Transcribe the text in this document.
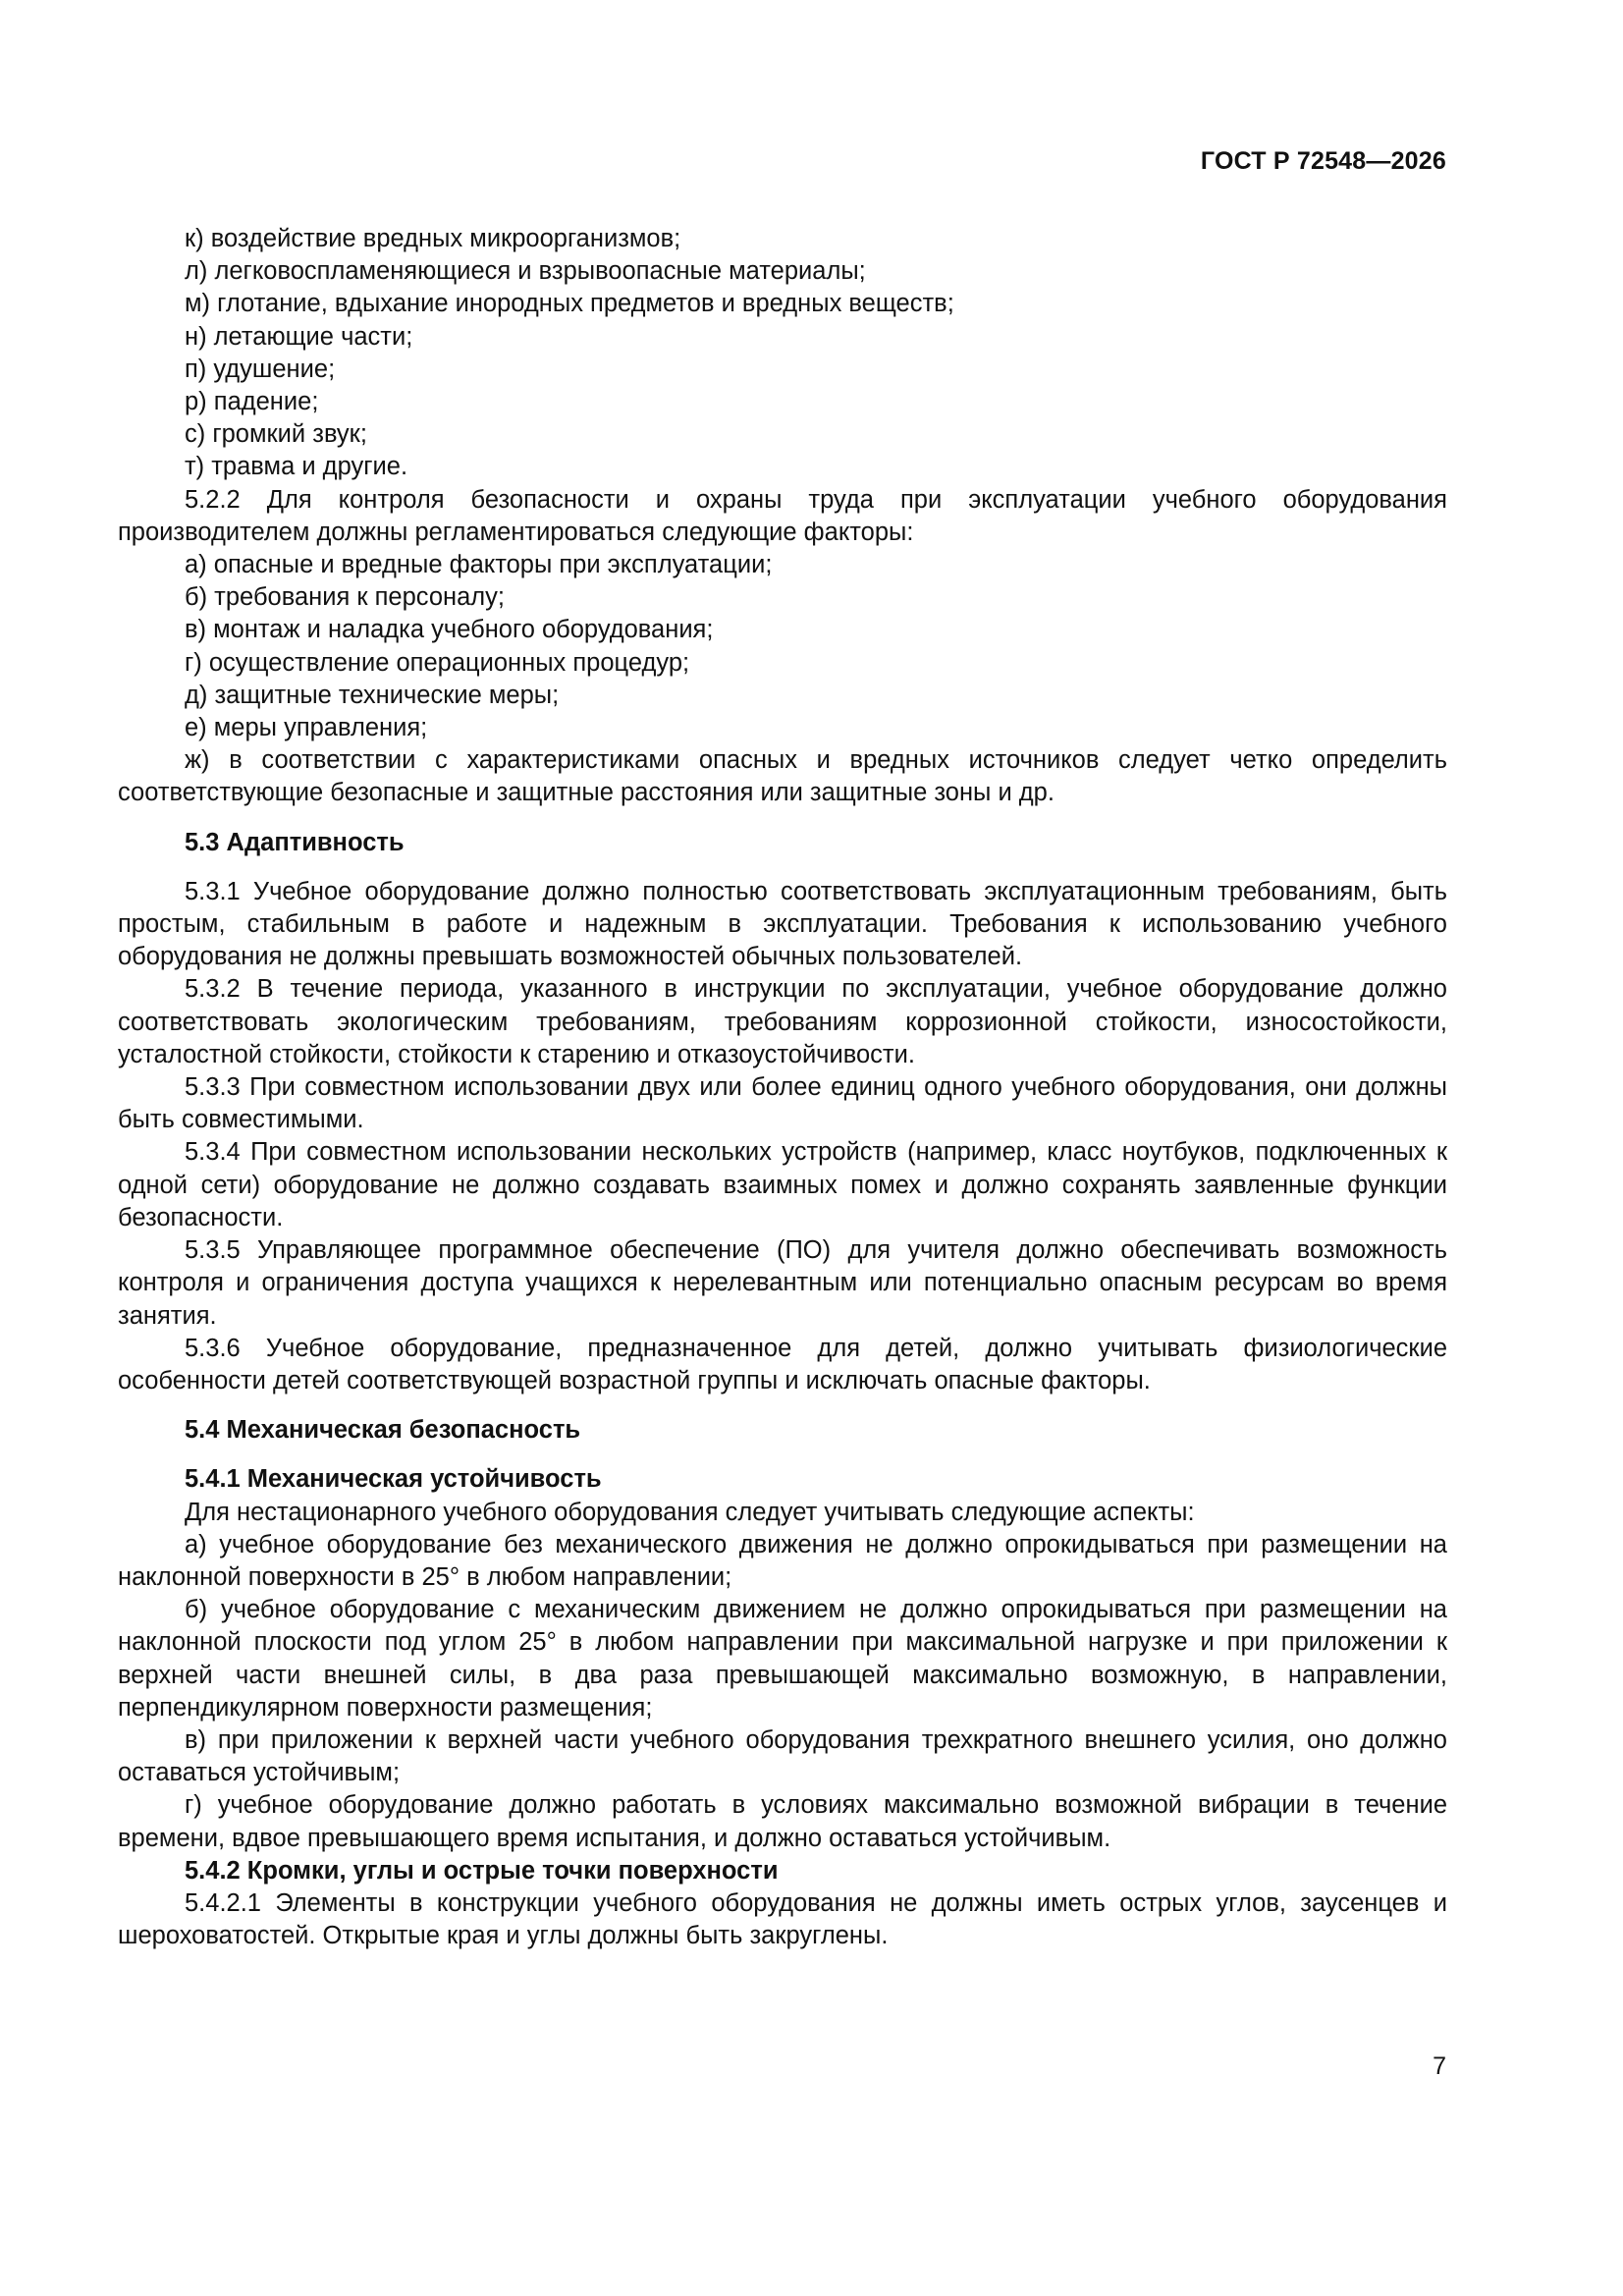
ГОСТ Р 72548—2026

к) воздействие вредных микроорганизмов;

л) легковоспламеняющиеся и взрывоопасные материалы;

м) глотание, вдыхание инородных предметов и вредных веществ;

н) летающие части;

п) удушение;

р) падение;

с) громкий звук;

т) травма и другие.

5.2.2 Для контроля безопасности и охраны труда при эксплуатации учебного оборудования производителем должны регламентироваться следующие факторы:

а) опасные и вредные факторы при эксплуатации;

б) требования к персоналу;

в) монтаж и наладка учебного оборудования;

г) осуществление операционных процедур;

д) защитные технические меры;

е) меры управления;

ж) в соответствии с характеристиками опасных и вредных источников следует четко определить соответствующие безопасные и защитные расстояния или защитные зоны и др.

5.3 Адаптивность

5.3.1 Учебное оборудование должно полностью соответствовать эксплуатационным требованиям, быть простым, стабильным в работе и надежным в эксплуатации. Требования к использованию учебного оборудования не должны превышать возможностей обычных пользователей.

5.3.2 В течение периода, указанного в инструкции по эксплуатации, учебное оборудование должно соответствовать экологическим требованиям, требованиям коррозионной стойкости, износостойкости, усталостной стойкости, стойкости к старению и отказоустойчивости.

5.3.3 При совместном использовании двух или более единиц одного учебного оборудования, они должны быть совместимыми.

5.3.4 При совместном использовании нескольких устройств (например, класс ноутбуков, подключенных к одной сети) оборудование не должно создавать взаимных помех и должно сохранять заявленные функции безопасности.

5.3.5 Управляющее программное обеспечение (ПО) для учителя должно обеспечивать возможность контроля и ограничения доступа учащихся к нерелевантным или потенциально опасным ресурсам во время занятия.

5.3.6 Учебное оборудование, предназначенное для детей, должно учитывать физиологические особенности детей соответствующей возрастной группы и исключать опасные факторы.

5.4 Механическая безопасность

5.4.1 Механическая устойчивость

Для нестационарного учебного оборудования следует учитывать следующие аспекты:

а) учебное оборудование без механического движения не должно опрокидываться при размещении на наклонной поверхности в 25° в любом направлении;

б) учебное оборудование с механическим движением не должно опрокидываться при размещении на наклонной плоскости под углом 25° в любом направлении при максимальной нагрузке и при приложении к верхней части внешней силы, в два раза превышающей максимально возможную, в направлении, перпендикулярном поверхности размещения;

в) при приложении к верхней части учебного оборудования трехкратного внешнего усилия, оно должно оставаться устойчивым;

г) учебное оборудование должно работать в условиях максимально возможной вибрации в течение времени, вдвое превышающего время испытания, и должно оставаться устойчивым.

5.4.2 Кромки, углы и острые точки поверхности

5.4.2.1 Элементы в конструкции учебного оборудования не должны иметь острых углов, заусенцев и шероховатостей. Открытые края и углы должны быть закруглены.

7
